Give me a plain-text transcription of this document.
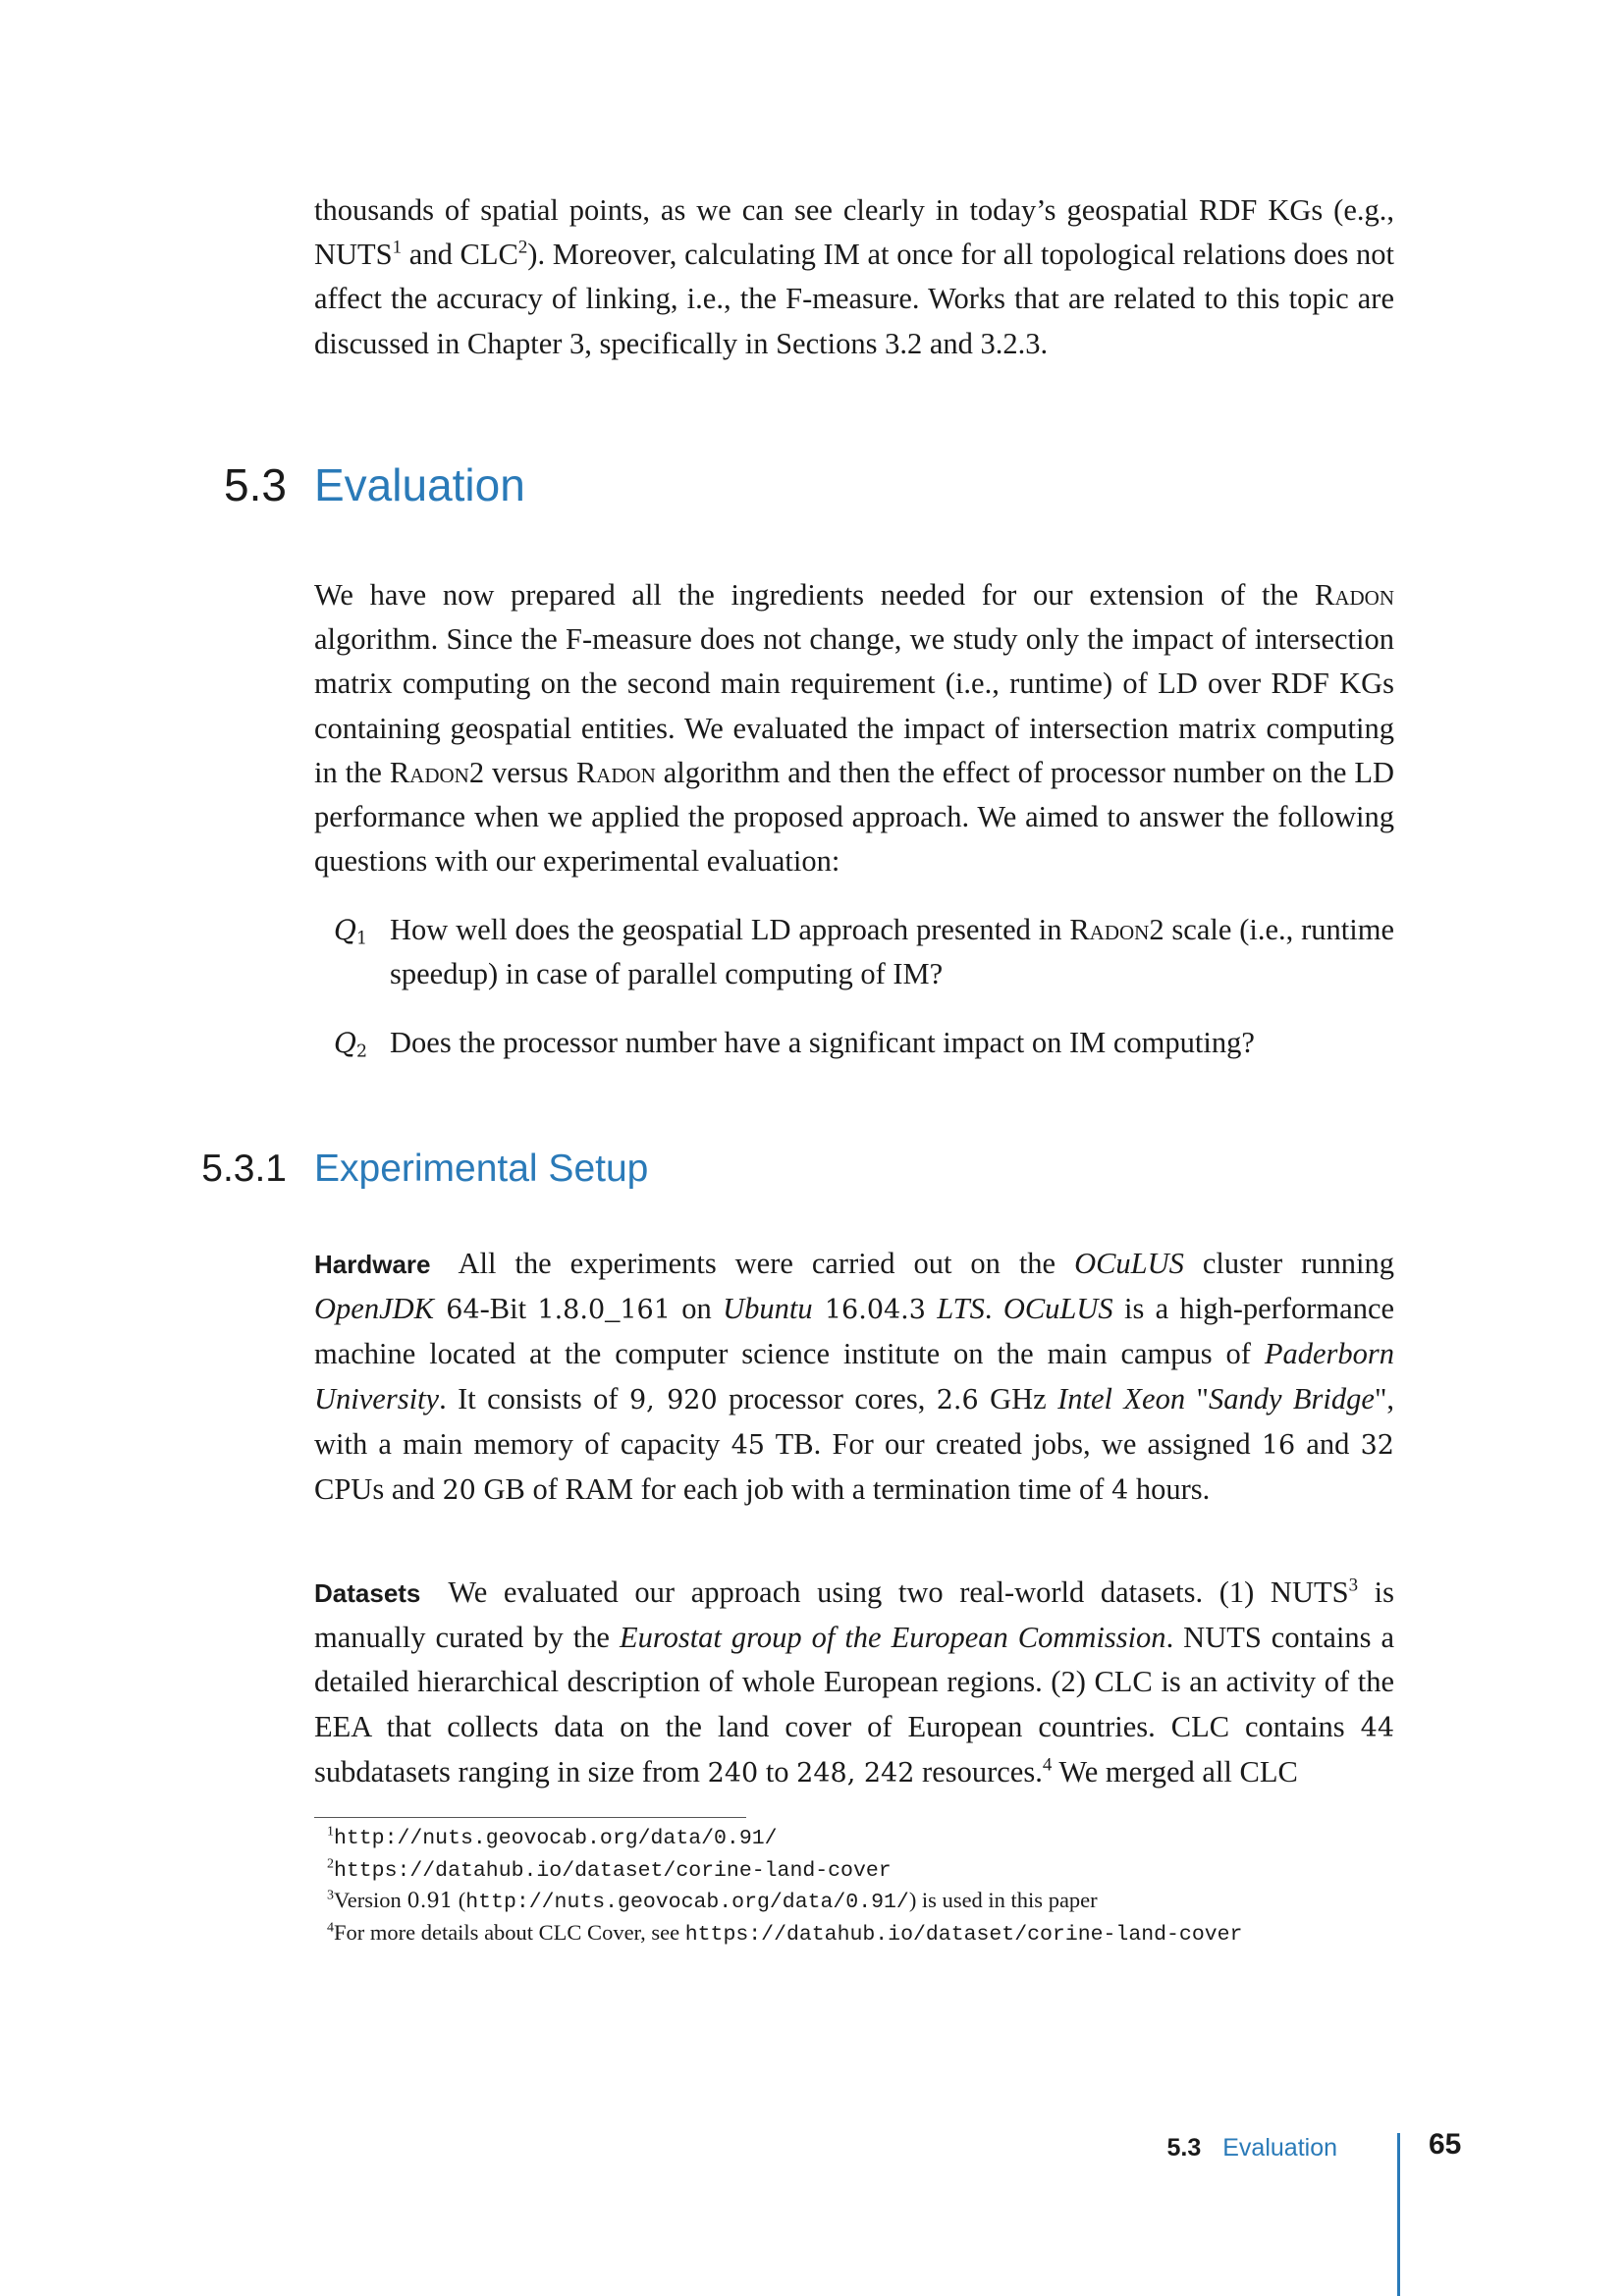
thousands of spatial points, as we can see clearly in today’s geospatial RDF KGs (e.g., NUTS$^1$ and CLC$^2$). Moreover, calculating IM at once for all topological relations does not affect the accuracy of linking, i.e., the F-measure. Works that are related to this topic are discussed in Chapter 3, specifically in Sections 3.2 and 3.2.3.

5.3 Evaluation

We have now prepared all the ingredients needed for our extension of the Radon algorithm. Since the F-measure does not change, we study only the impact of intersection matrix computing on the second main requirement (i.e., runtime) of LD over RDF KGs containing geospatial entities. We evaluated the impact of intersection matrix computing in the Radon2 versus Radon algorithm and then the effect of processor number on the LD performance when we applied the proposed approach. We aimed to answer the following questions with our experimental evaluation:

$Q_1$ How well does the geospatial LD approach presented in Radon2 scale (i.e., runtime speedup) in case of parallel computing of IM?
$Q_2$ Does the processor number have a significant impact on IM computing?
5.3.1 Experimental Setup

Hardware All the experiments were carried out on the OCuLUS cluster running OpenJDK 64-Bit 1.8.0_161 on Ubuntu 16.04.3 LTS. OCuLUS is a high-performance machine located at the computer science institute on the main campus of Paderborn University. It consists of 9, 920 processor cores, 2.6 GHz Intel Xeon "Sandy Bridge", with a main memory of capacity 45 TB. For our created jobs, we assigned 16 and 32 CPUs and 20 GB of RAM for each job with a termination time of 4 hours.

Datasets We evaluated our approach using two real-world datasets. (1) NUTS$^3$ is manually curated by the Eurostat group of the European Commission. NUTS contains a detailed hierarchical description of whole European regions. (2) CLC is an activity of the EEA that collects data on the land cover of European countries. CLC contains 44 subdatasets ranging in size from 240 to 248, 242 resources.$^4$ We merged all CLC

$^1$http://nuts.geovocab.org/data/0.91/
$^2$https://datahub.io/dataset/corine-land-cover
$^3$Version 0.91 (http://nuts.geovocab.org/data/0.91/) is used in this paper
$^4$For more details about CLC Cover, see https://datahub.io/dataset/corine-land-cover
5.3 Evaluation	65
